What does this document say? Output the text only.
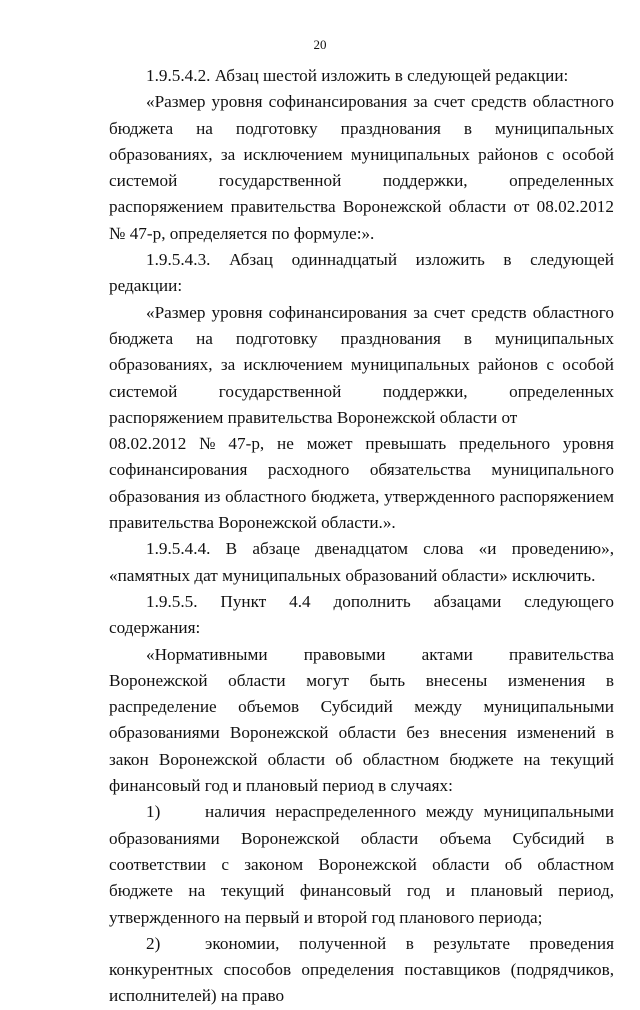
20

1.9.5.4.2. Абзац шестой изложить в следующей редакции:

«Размер уровня софинансирования за счет средств областного бюджета на подготовку празднования в муниципальных образованиях, за исключением муниципальных районов с особой системой государственной поддержки, определенных распоряжением правительства Воронежской области от 08.02.2012 № 47-р, определяется по формуле:».

1.9.5.4.3. Абзац одиннадцатый изложить в следующей редакции:

«Размер уровня софинансирования за счет средств областного бюджета на подготовку празднования в муниципальных образованиях, за исключением муниципальных районов с особой системой государственной поддержки, определенных распоряжением правительства Воронежской области от

08.02.2012 № 47-р, не может превышать предельного уровня

софинансирования расходного обязательства муниципального образования из областного бюджета, утвержденного распоряжением правительства Воронежской области.».

1.9.5.4.4. В абзаце двенадцатом слова «и проведению», «памятных дат муниципальных образований области» исключить.

1.9.5.5. Пункт 4.4 дополнить абзацами следующего содержания:

«Нормативными правовыми актами правительства Воронежской области могут быть внесены изменения в распределение объемов Субсидий между муниципальными образованиями Воронежской области без внесения изменений в закон Воронежской области об областном бюджете на текущий финансовый год и плановый период в случаях:

1)	наличия нераспределенного между муниципальными образованиями Воронежской области объема Субсидий в соответствии с законом Воронежской области об областном бюджете на текущий финансовый год и плановый период, утвержденного на первый и второй год планового периода;

2)	экономии, полученной в результате проведения конкурентных способов определения поставщиков (подрядчиков, исполнителей) на право
